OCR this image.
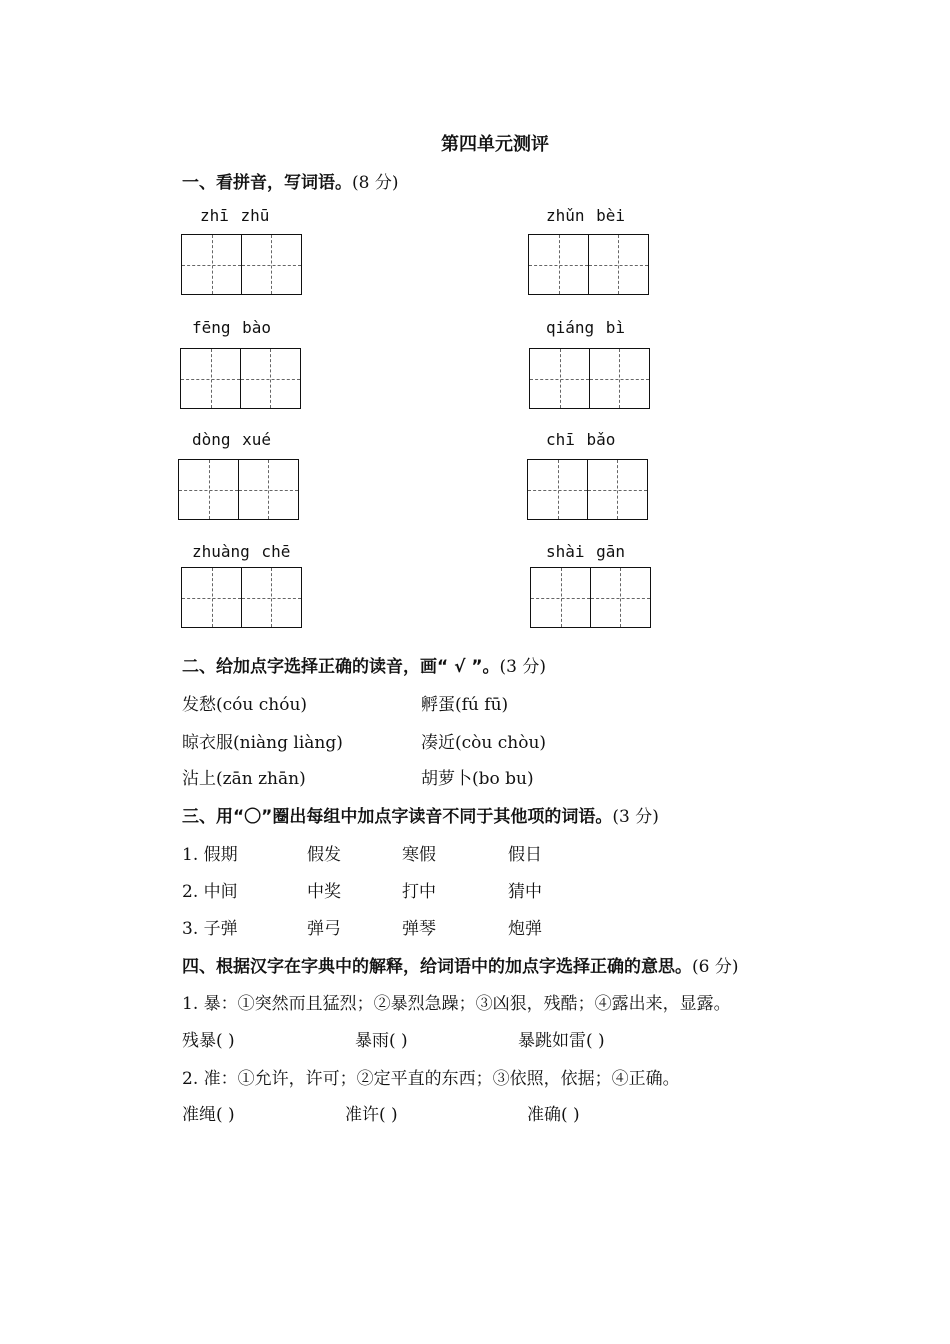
第四单元测评
一、看拼音，写词语。(8 分)
zhī zhū	zhǔn bèi
fēng bào	qiáng bì
dòng xué	chī bǎo
zhuàng chē	shài gān
二、给加点字选择正确的读音，画“ √ ”。(3 分)
发愁(cóu chóu)	孵蛋(fú fū)
晾衣服(niàng liàng)	凑近(còu chòu)
沾上(zān zhān)	胡萝卜(bo bu)
三、用“〇”圈出每组中加点字读音不同于其他项的词语。(3 分)
1. 假期	假发	寒假	假日
2. 中间	中奖	打中	猜中
3. 子弹	弹弓	弹琴	炮弹
四、根据汉字在字典中的解释，给词语中的加点字选择正确的意思。(6 分)
1. 暴：①突然而且猛烈；②暴烈急躁；③凶狠，残酷；④露出来，显露。
残暴( )	暴雨( )	暴跳如雷( )
2. 准：①允许，许可；②定平直的东西；③依照，依据；④正确。
准绳( )	准许( )	准确( )
